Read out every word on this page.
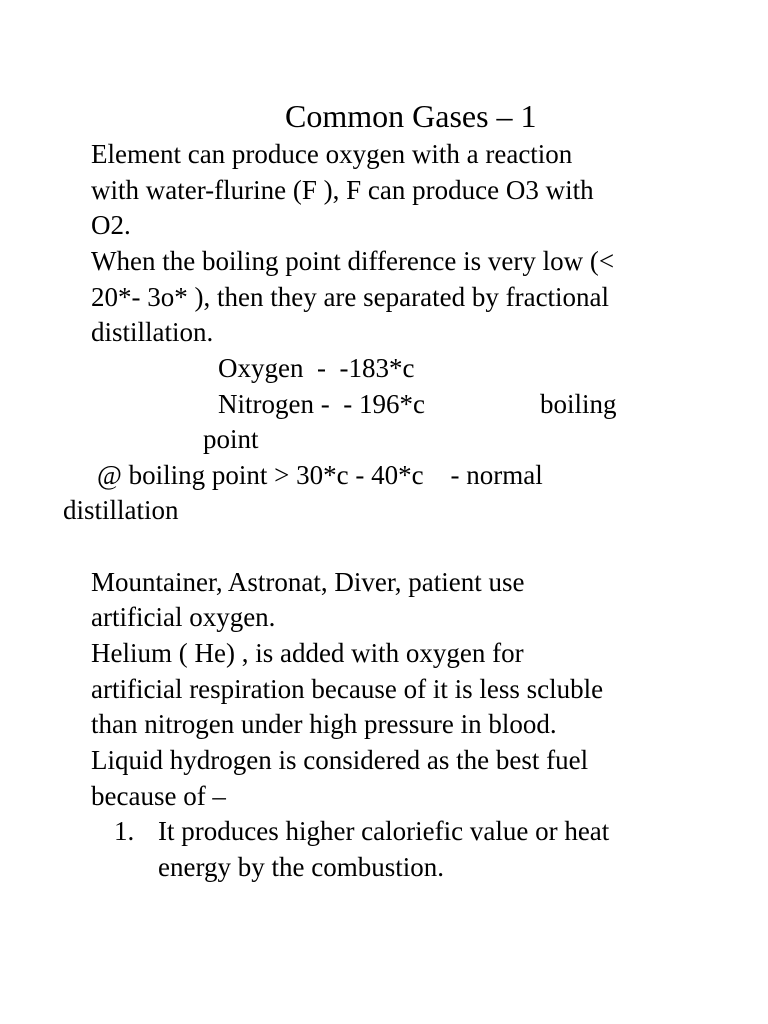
Common Gases – 1
Element can produce oxygen with a reaction
with water-flurine (F ), F can produce O3 with
O2.
When the boiling point difference is very low (<
20*- 3o* ), then they are separated by fractional
distillation.
Oxygen  -  -183*c
Nitrogen -  - 196*c	boiling
point
@ boiling point > 30*c - 40*c    - normal
distillation
Mountainer, Astronat, Diver, patient use
artificial oxygen.
Helium ( He) , is added with oxygen for
artificial respiration because of it is less scluble
than nitrogen under high pressure in blood.
Liquid hydrogen is considered as the best fuel
because of –
1. It produces higher caloriefic value or heat
energy by the combustion.
